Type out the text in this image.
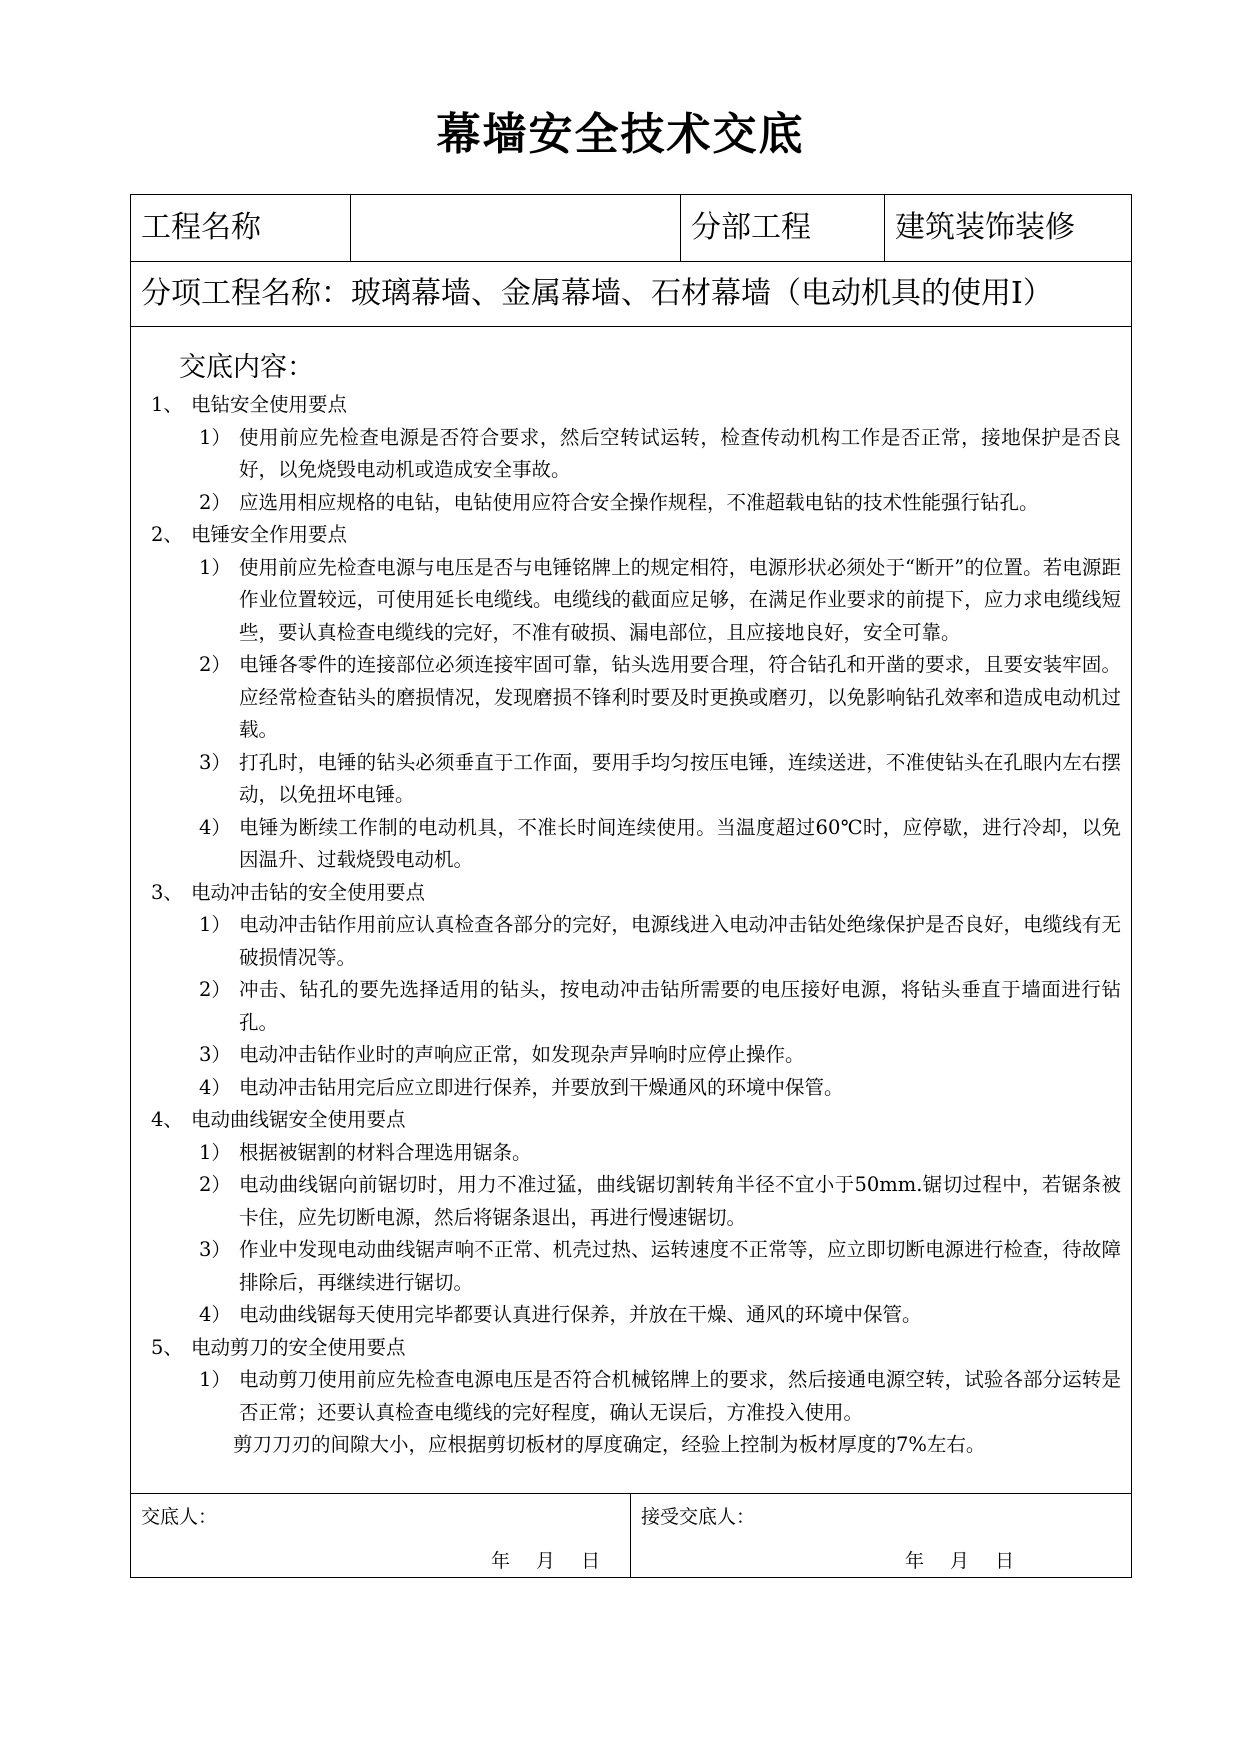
幕墙安全技术交底
工程名称	分部工程	建筑装饰装修
分项工程名称：玻璃幕墙、金属幕墙、石材幕墙（电动机具的使用Ⅰ）
交底内容：
1、 电钻安全使用要点
1） 使用前应先检查电源是否符合要求，然后空转试运转，检查传动机构工作是否正常，接地保护是否良好，以免烧毁电动机或造成安全事故。
2） 应选用相应规格的电钻，电钻使用应符合安全操作规程，不准超载电钻的技术性能强行钻孔。
2、 电锤安全作用要点
1） 使用前应先检查电源与电压是否与电锤铭牌上的规定相符，电源形状必须处于“断开”的位置。若电源距作业位置较远，可使用延长电缆线。电缆线的截面应足够，在满足作业要求的前提下，应力求电缆线短些，要认真检查电缆线的完好，不准有破损、漏电部位，且应接地良好，安全可靠。
2） 电锤各零件的连接部位必须连接牢固可靠，钻头选用要合理，符合钻孔和开凿的要求，且要安装牢固。应经常检查钻头的磨损情况，发现磨损不锋利时要及时更换或磨刃，以免影响钻孔效率和造成电动机过载。
3） 打孔时，电锤的钻头必须垂直于工作面，要用手均匀按压电锤，连续送进，不准使钻头在孔眼内左右摆动，以免扭坏电锤。
4） 电锤为断续工作制的电动机具，不准长时间连续使用。当温度超过60℃时，应停歇，进行冷却，以免因温升、过载烧毁电动机。
3、 电动冲击钻的安全使用要点
1） 电动冲击钻作用前应认真检查各部分的完好，电源线进入电动冲击钻处绝缘保护是否良好，电缆线有无破损情况等。
2） 冲击、钻孔的要先选择适用的钻头，按电动冲击钻所需要的电压接好电源，将钻头垂直于墙面进行钻孔。
3） 电动冲击钻作业时的声响应正常，如发现杂声异响时应停止操作。
4） 电动冲击钻用完后应立即进行保养，并要放到干燥通风的环境中保管。
4、 电动曲线锯安全使用要点
1） 根据被锯割的材料合理选用锯条。
2） 电动曲线锯向前锯切时，用力不准过猛，曲线锯切割转角半径不宜小于50mm.锯切过程中，若锯条被卡住，应先切断电源，然后将锯条退出，再进行慢速锯切。
3） 作业中发现电动曲线锯声响不正常、机壳过热、运转速度不正常等，应立即切断电源进行检查，待故障排除后，再继续进行锯切。
4） 电动曲线锯每天使用完毕都要认真进行保养，并放在干燥、通风的环境中保管。
5、 电动剪刀的安全使用要点
1） 电动剪刀使用前应先检查电源电压是否符合机械铭牌上的要求，然后接通电源空转，试验各部分运转是否正常；还要认真检查电缆线的完好程度，确认无误后，方准投入使用。
剪刀刀刃的间隙大小，应根据剪切板材的厚度确定，经验上控制为板材厚度的7%左右。
交底人：
年 月 日
接受交底人：
年 月 日
